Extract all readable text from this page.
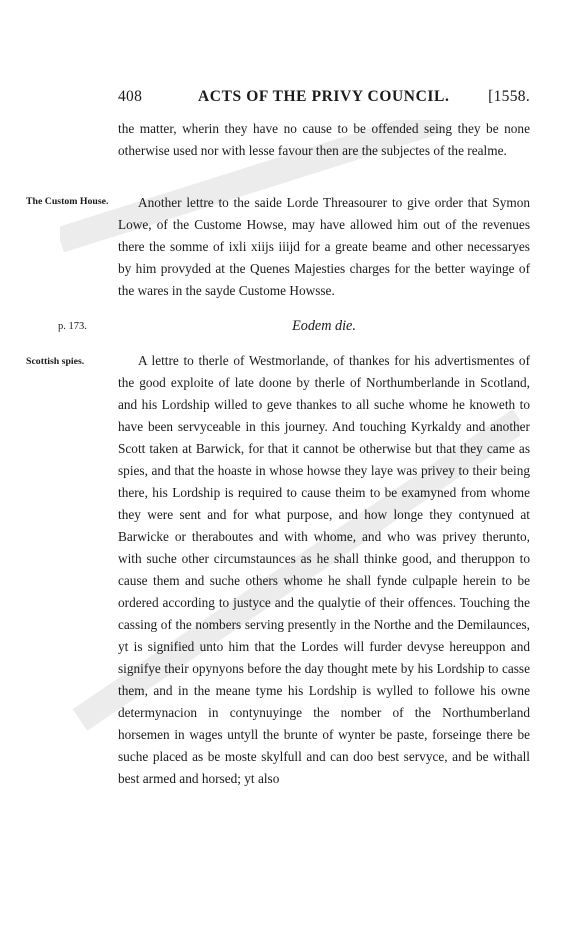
408	ACTS OF THE PRIVY COUNCIL. [1558.
the matter, wherin they have no cause to be offended seing they be none otherwise used nor with lesse favour then are the subjectes of the realme.
The Custom House.	Another lettre to the saide Lorde Threasourer to give order that Symon Lowe, of the Custome Howse, may have allowed him out of the revenues there the somme of ixli xiijs iiijd for a greate beame and other necessaryes by him provyded at the Quenes Majesties charges for the better wayinge of the wares in the sayde Custome Howsse.
p. 173.	Eodem die.
Scottish spies.	A lettre to therle of Westmorlande, of thankes for his advertismentes of the good exploite of late doone by therle of Northumberlande in Scotland, and his Lordship willed to geve thankes to all suche whome he knoweth to have been servyceable in this journey. And touching Kyrkaldy and another Scott taken at Barwick, for that it cannot be otherwise but that they came as spies, and that the hoaste in whose howse they laye was privey to their being there, his Lordship is required to cause theim to be examyned from whome they were sent and for what purpose, and how longe they contynued at Barwicke or theraboutes and with whome, and who was privey therunto, with suche other circumstaunces as he shall thinke good, and theruppon to cause them and suche others whome he shall fynde culpaple herein to be ordered according to justyce and the qualytie of their offences. Touching the cassing of the nombers serving presently in the Northe and the Demilaunces, yt is signified unto him that the Lordes will furder devyse hereuppon and signifye their opynyons before the day thought mete by his Lordship to casse them, and in the meane tyme his Lordship is wylled to followe his owne determynacion in contynuyinge the nomber of the Northumberland horsemen in wages untyll the brunte of wynter be paste, forseinge there be suche placed as be moste skylfull and can doo best servyce, and be withall best armed and horsed; yt also
